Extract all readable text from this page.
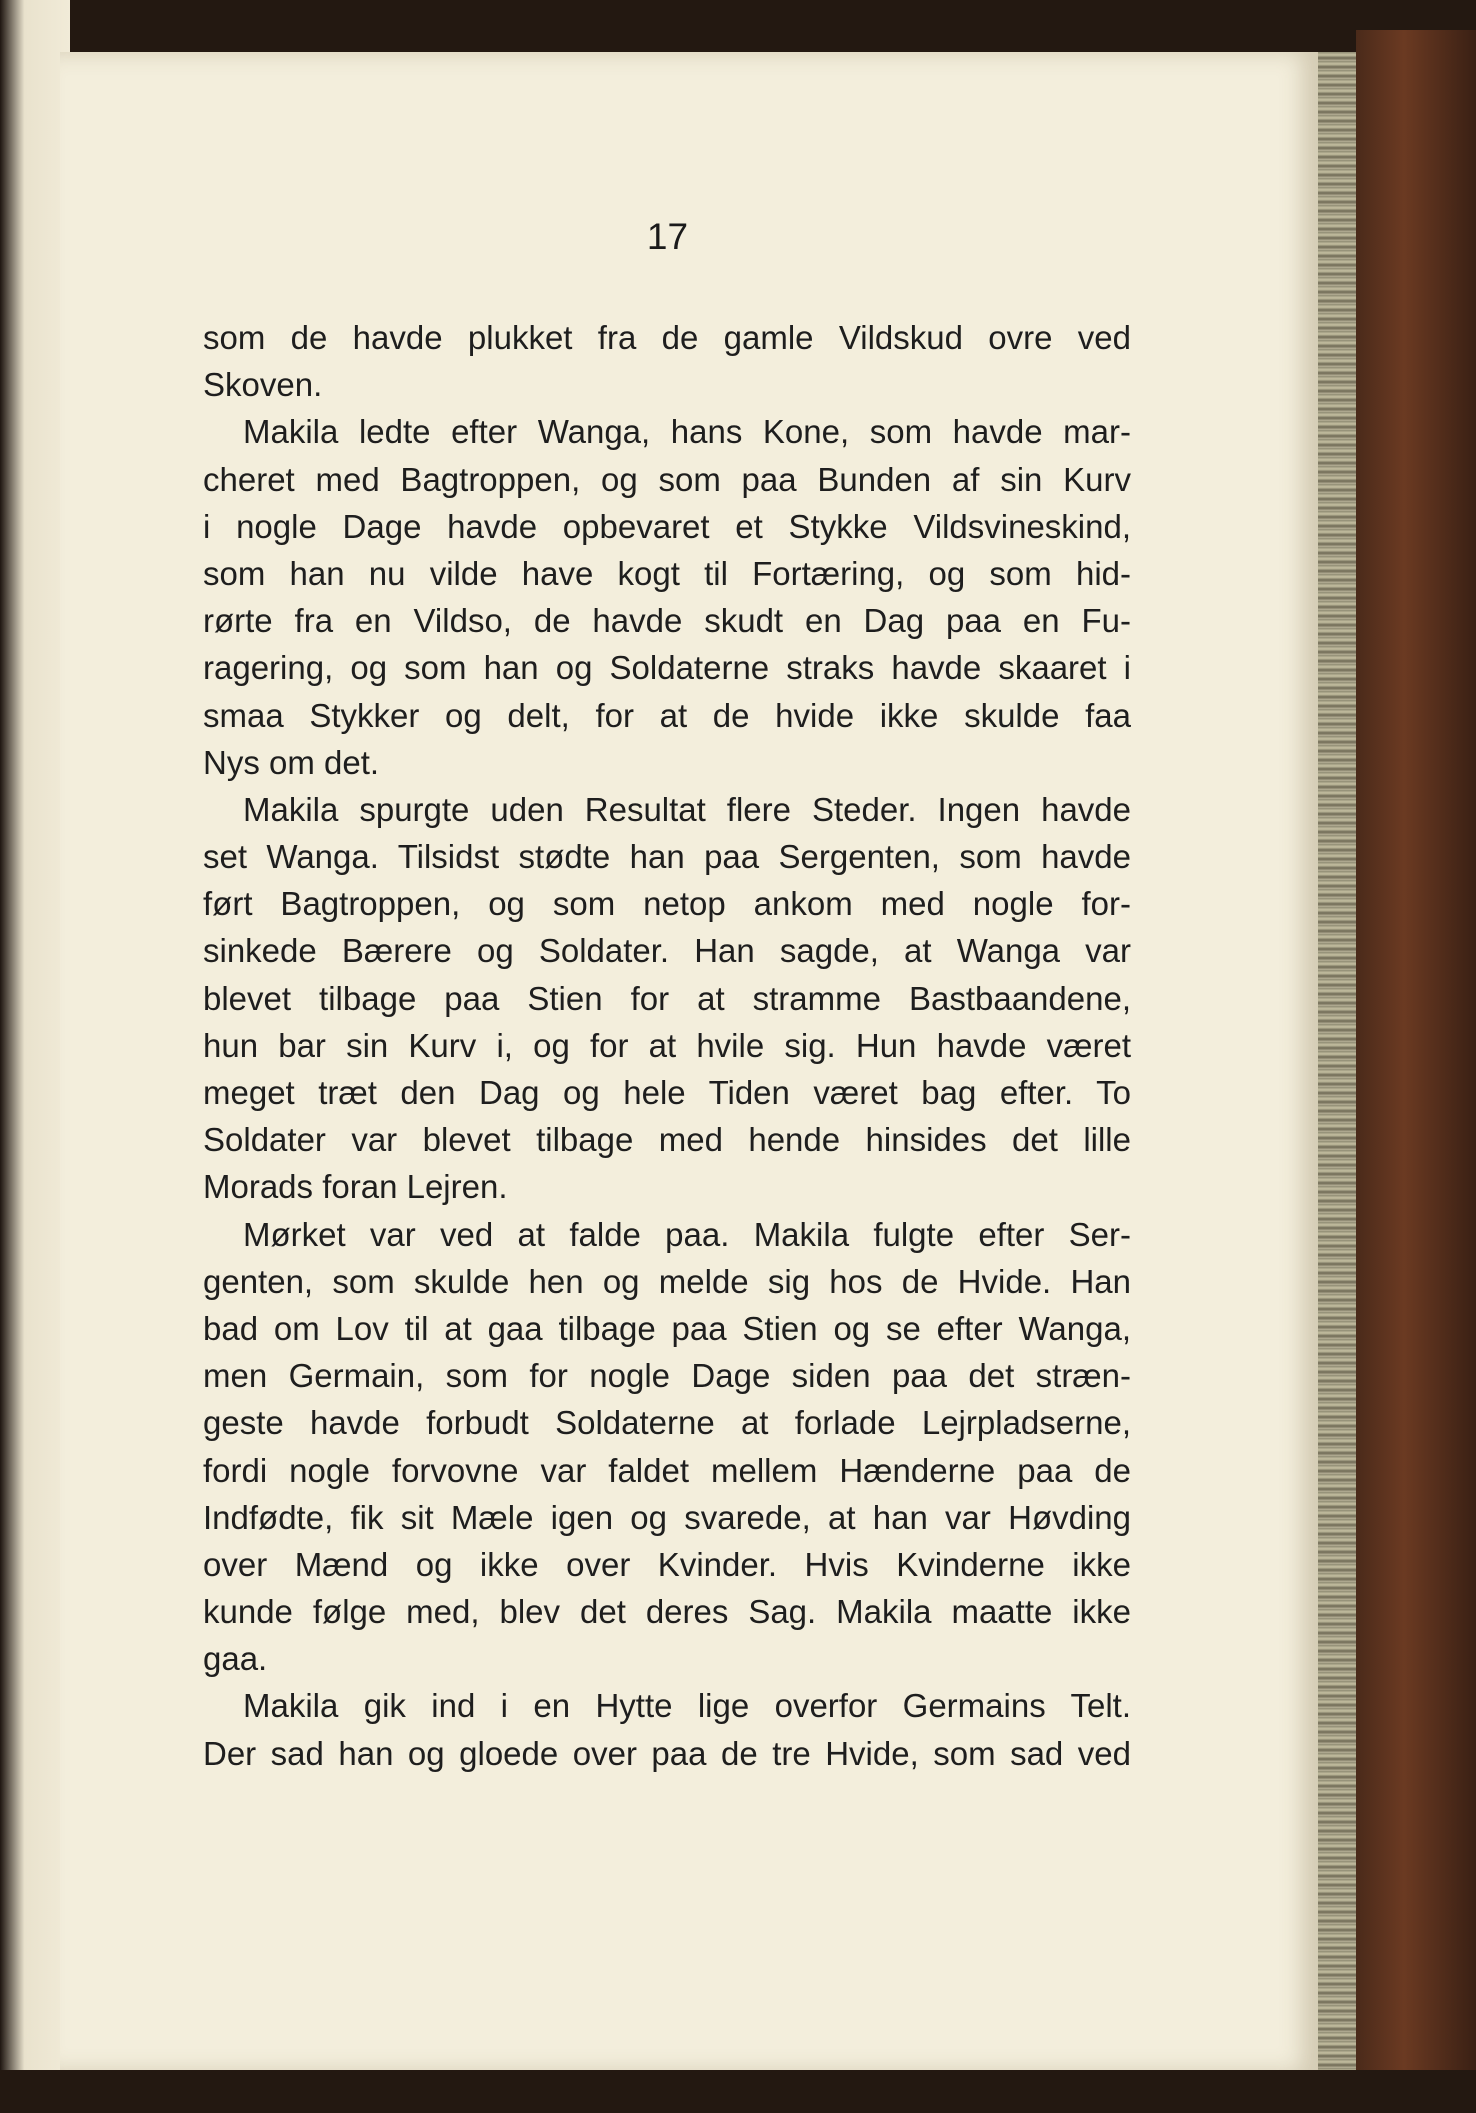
17
som de havde plukket fra de gamle Vildskud ovre ved
Skoven.
Makila ledte efter Wanga, hans Kone, som havde mar-
cheret med Bagtroppen, og som paa Bunden af sin Kurv
i nogle Dage havde opbevaret et Stykke Vildsvineskind,
som han nu vilde have kogt til Fortæring, og som hid-
rørte fra en Vildso, de havde skudt en Dag paa en Fu-
ragering, og som han og Soldaterne straks havde skaaret i
smaa Stykker og delt, for at de hvide ikke skulde faa
Nys om det.
Makila spurgte uden Resultat flere Steder. Ingen havde
set Wanga. Tilsidst stødte han paa Sergenten, som havde
ført Bagtroppen, og som netop ankom med nogle for-
sinkede Bærere og Soldater. Han sagde, at Wanga var
blevet tilbage paa Stien for at stramme Bastbaandene,
hun bar sin Kurv i, og for at hvile sig. Hun havde været
meget træt den Dag og hele Tiden været bag efter. To
Soldater var blevet tilbage med hende hinsides det lille
Morads foran Lejren.
Mørket var ved at falde paa. Makila fulgte efter Ser-
genten, som skulde hen og melde sig hos de Hvide. Han
bad om Lov til at gaa tilbage paa Stien og se efter Wanga,
men Germain, som for nogle Dage siden paa det stræn-
geste havde forbudt Soldaterne at forlade Lejrpladserne,
fordi nogle forvovne var faldet mellem Hænderne paa de
Indfødte, fik sit Mæle igen og svarede, at han var Høvding
over Mænd og ikke over Kvinder. Hvis Kvinderne ikke
kunde følge med, blev det deres Sag. Makila maatte ikke
gaa.
Makila gik ind i en Hytte lige overfor Germains Telt.
Der sad han og gloede over paa de tre Hvide, som sad ved
